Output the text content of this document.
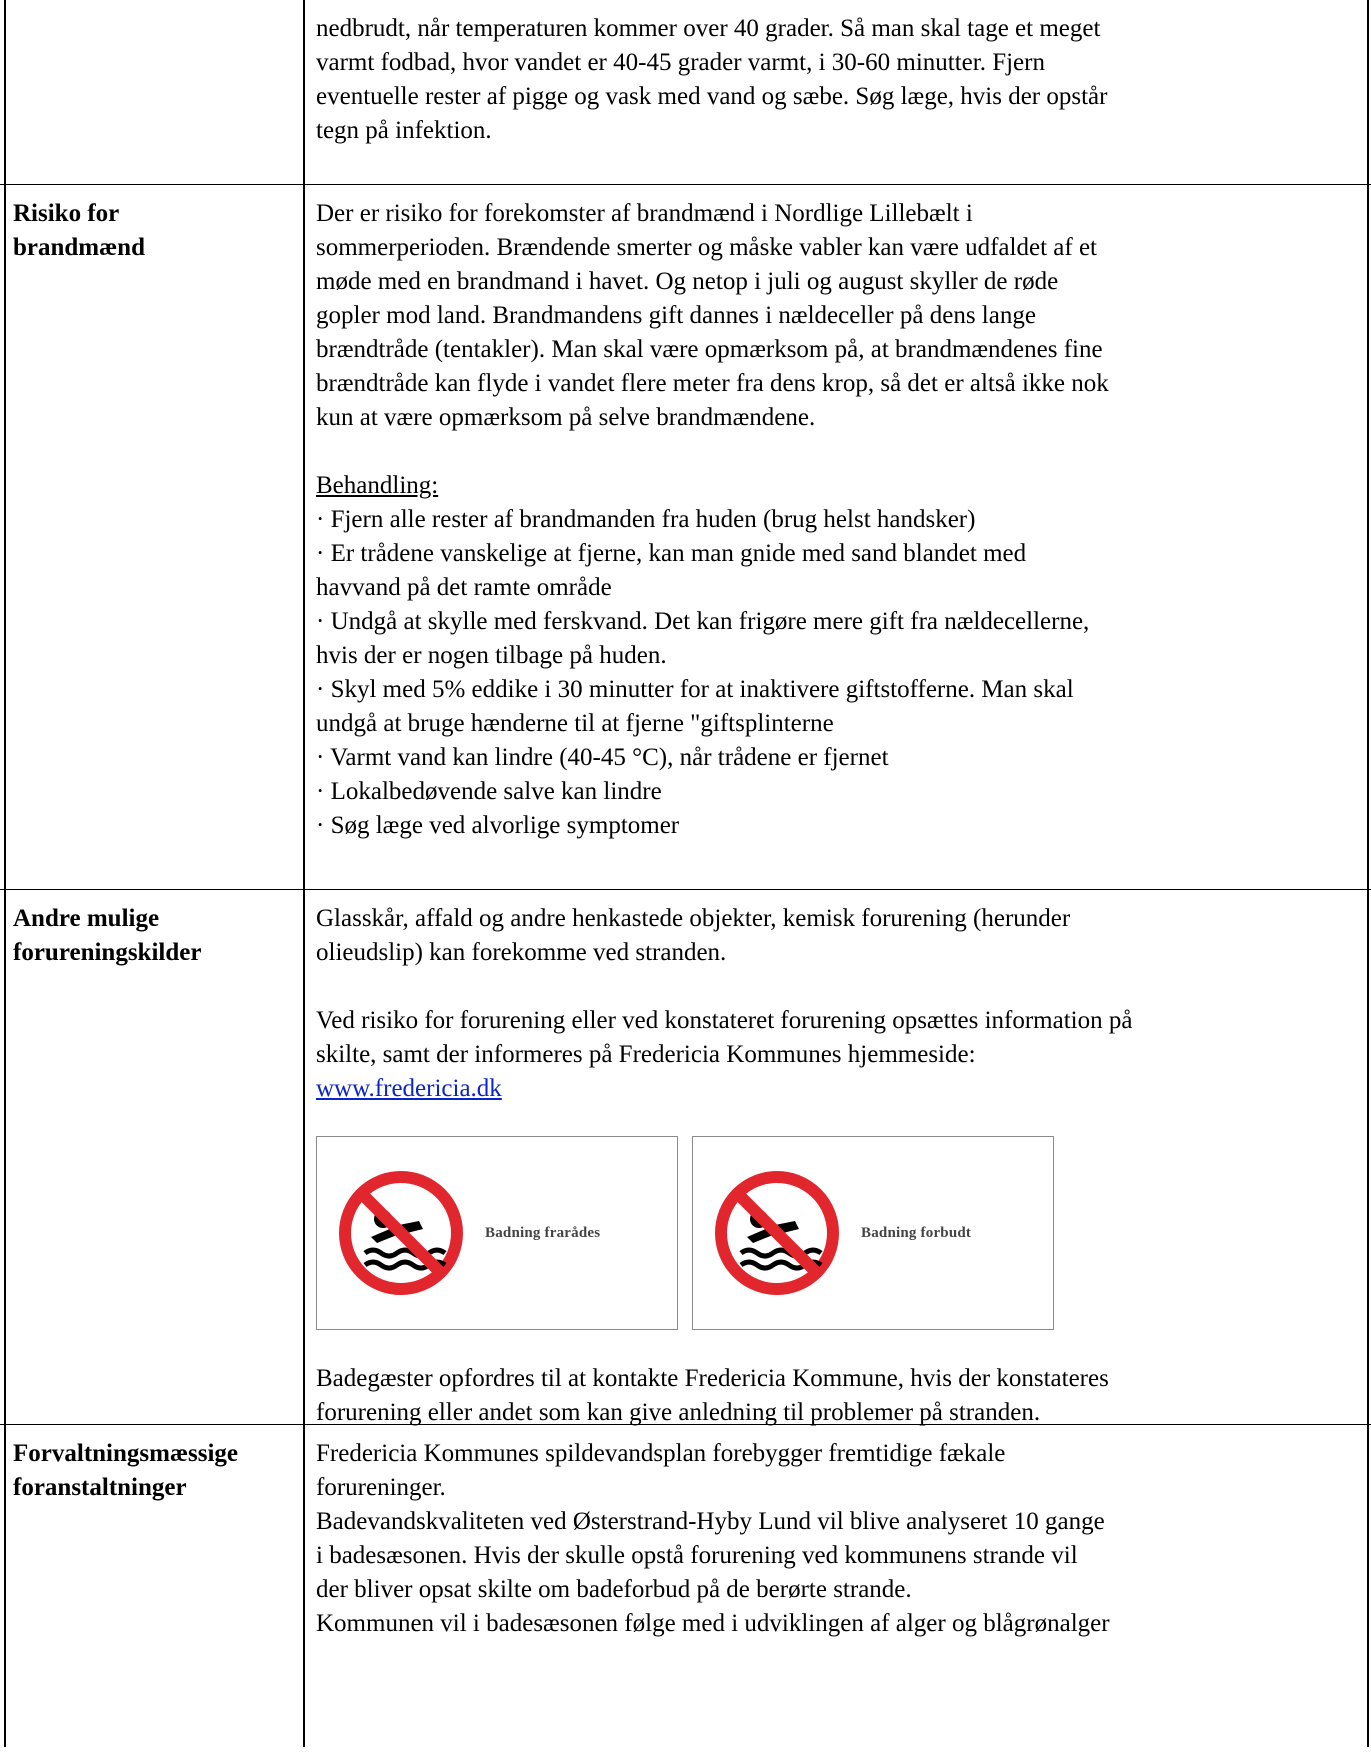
nedbrudt, når temperaturen kommer over 40 grader. Så man skal tage et meget

varmt fodbad, hvor vandet er 40-45 grader varmt, i 30-60 minutter. Fjern

eventuelle rester af pigge og vask med vand og sæbe. Søg læge, hvis der opstår

tegn på infektion.

Risiko for
brandmænd

Der er risiko for forekomster af brandmænd i Nordlige Lillebælt i

sommerperioden. Brændende smerter og måske vabler kan være udfaldet af et

møde med en brandmand i havet. Og netop i juli og august skyller de røde

gopler mod land. Brandmandens gift dannes i nældeceller på dens lange

brændtråde (tentakler). Man skal være opmærksom på, at brandmændenes fine

brændtråde kan flyde i vandet flere meter fra dens krop, så det er altså ikke nok

kun at være opmærksom på selve brandmændene.

Behandling:

· Fjern alle rester af brandmanden fra huden (brug helst handsker)

· Er trådene vanskelige at fjerne, kan man gnide med sand blandet med

havvand på det ramte område

· Undgå at skylle med ferskvand. Det kan frigøre mere gift fra nældecellerne,

hvis der er nogen tilbage på huden.

· Skyl med 5% eddike i 30 minutter for at inaktivere giftstofferne. Man skal

undgå at bruge hænderne til at fjerne "giftsplinterne

· Varmt vand kan lindre (40-45 °C), når trådene er fjernet

· Lokalbedøvende salve kan lindre

· Søg læge ved alvorlige symptomer

Andre mulige
forureningskilder

Glasskår, affald og andre henkastede objekter, kemisk forurening (herunder

olieudslip) kan forekomme ved stranden.

Ved risiko for forurening eller ved konstateret forurening opsættes information på

skilte, samt der informeres på Fredericia Kommunes hjemmeside:

www.fredericia.dk

Badning frarådes	Badning forbudt

Badegæster opfordres til at kontakte Fredericia Kommune, hvis der konstateres

forurening eller andet som kan give anledning til problemer på stranden.

Forvaltningsmæssige
foranstaltninger

Fredericia Kommunes spildevandsplan forebygger fremtidige fækale

forureninger.

Badevandskvaliteten ved Østerstrand-Hyby Lund vil blive analyseret 10 gange

i badesæsonen. Hvis der skulle opstå forurening ved kommunens strande vil

der bliver opsat skilte om badeforbud på de berørte strande.

Kommunen vil i badesæsonen følge med i udviklingen af alger og blågrønalger
